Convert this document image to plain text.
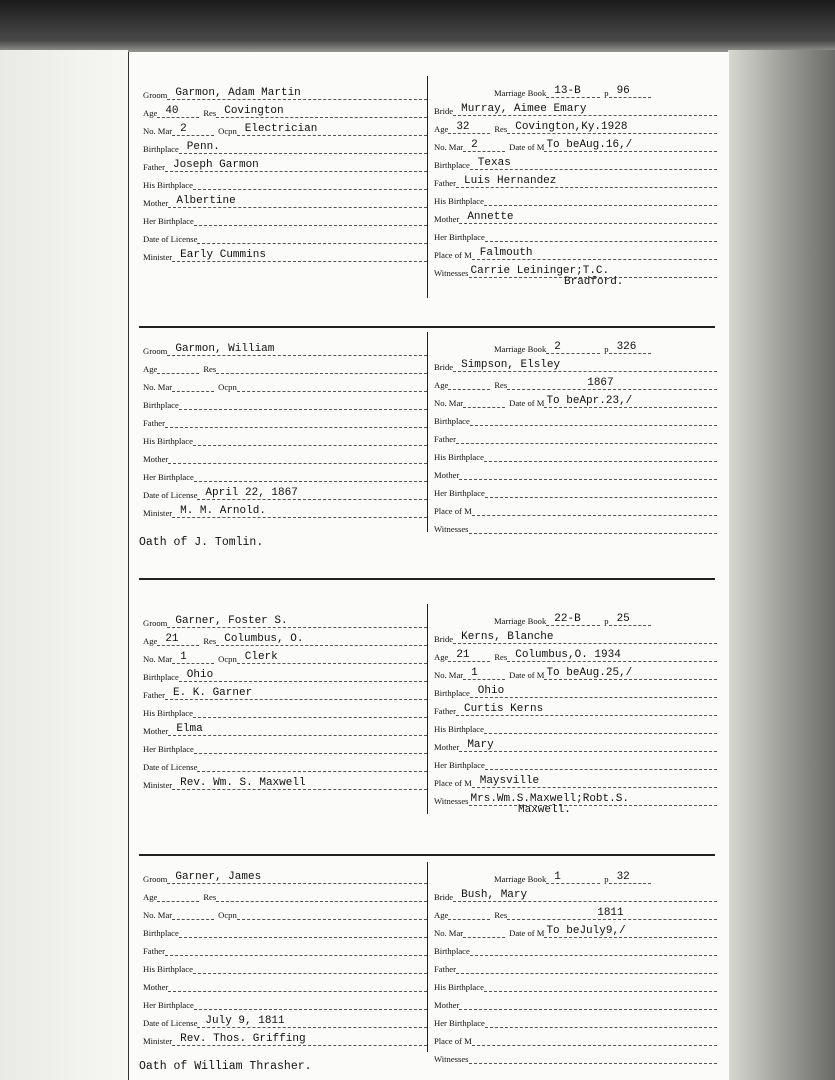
Groom Garmon, Adam Martin
Age 40	Res Covington
No. Mar 2	Ocpn Electrician
Birthplace Penn.
Father Joseph Garmon
His Birthplace
Mother Albertine
Her Birthplace
Date of License
Minister Early Cummins
Marriage Book 13-B	p 96
Bride Murray, Aimee Emary
Age 32	Res Covington,Ky.1928
No. Mar 2	Date of M To beAug.16,/
Birthplace Texas
Father Luis Hernandez
His Birthplace
Mother Annette
Her Birthplace
Place of M Falmouth
Witnesses Carrie Leininger;T.C.
Bradford.
Groom Garmon, William
Age	Res
No. Mar	Ocpn
Birthplace
Father
His Birthplace
Mother
Her Birthplace
Date of License April 22, 1867
Minister M. M. Arnold.
Oath of J. Tomlin.
Marriage Book 2	p 326
Bride Simpson, Elsley
Age	Res	1867
No. Mar	Date of M To beApr.23,/
Birthplace
Father
His Birthplace
Mother
Her Birthplace
Place of M
Witnesses
Groom Garner, Foster S.
Age 21	Res Columbus, O.
No. Mar 1	Ocpn Clerk
Birthplace Ohio
Father E. K. Garner
His Birthplace
Mother Elma
Her Birthplace
Date of License
Minister Rev. Wm. S. Maxwell
Marriage Book 22-B	p 25
Bride Kerns, Blanche
Age 21	Res Columbus,O. 1934
No. Mar 1	Date of M To beAug.25,/
Birthplace Ohio
Father Curtis Kerns
His Birthplace
Mother Mary
Her Birthplace
Place of M Maysville
Witnesses Mrs.Wm.S.Maxwell;Robt.S.
Maxwell.
Groom Garner, James
Age	Res
No. Mar	Ocpn
Birthplace
Father
His Birthplace
Mother
Her Birthplace
Date of License July 9, 1811
Minister Rev. Thos. Griffing
Oath of William Thrasher.
Marriage Book 1	p 32
Bride Bush, Mary
Age	Res	1811
No. Mar	Date of M To beJuly9,/
Birthplace
Father
His Birthplace
Mother
Her Birthplace
Place of M
Witnesses
